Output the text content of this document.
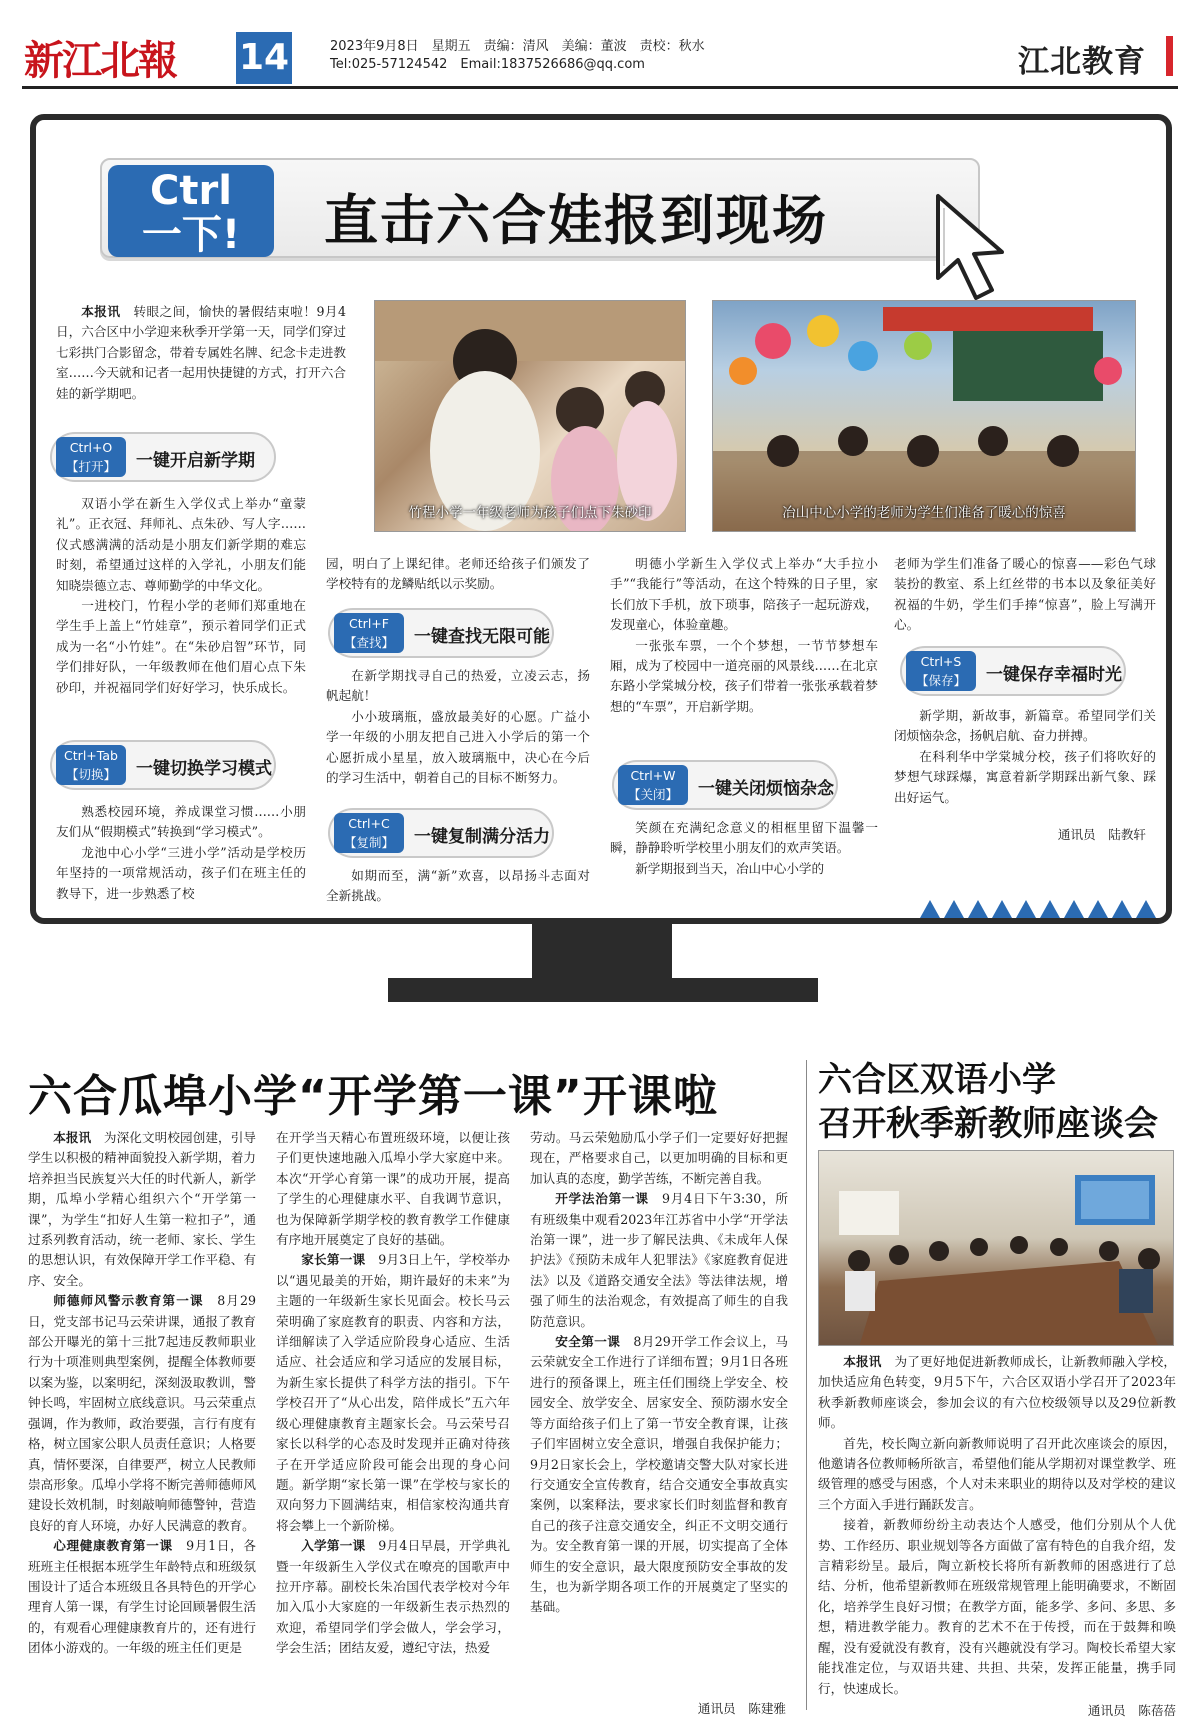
新江北報 14	2023年9月8日　星期五　责编：清风　美编：董波　责校：秋水
Tel:025-57124542　Email:1837526686@qq.com	江北教育
Ctrl
一下!	直击六合娃报到现场

本报讯　 转眼之间，愉快的暑假结束啦！9月4日，六合区中小学迎来秋季开学第一天，同学们穿过七彩拱门合影留念，带着专属姓名牌、纪念卡走进教室……今天就和记者一起用快捷键的方式，打开六合娃的新学期吧。

Ctrl+O
【打开】	一键开启新学期
Ctrl+Tab
【切换】	一键切换学习模式
Ctrl+F
【查找】	一键查找无限可能
Ctrl+C
【复制】	一键复制满分活力
Ctrl+W
【关闭】	一键关闭烦恼杂念
Ctrl+S
【保存】	一键保存幸福时光
竹程小学一年级老师为孩子们点下朱砂印	冶山中心小学的老师为学生们准备了暖心的惊喜

双语小学在新生入学仪式上举办“童蒙礼”。正衣冠、拜师礼、点朱砂、写人字……仪式感满满的活动是小朋友们新学期的难忘时刻，希望通过这样的入学礼，小朋友们能知晓崇德立志、尊师勤学的中华文化。

一进校门，竹程小学的老师们郑重地在学生手上盖上“竹娃章”，预示着同学们正式成为一名“小竹娃”。在“朱砂启智”环节，同学们排好队，一年级教师在他们眉心点下朱砂印，并祝福同学们好好学习，快乐成长。

熟悉校园环境，养成课堂习惯……小朋友们从“假期模式”转换到“学习模式”。

龙池中心小学“三进小学”活动是学校历年坚持的一项常规活动，孩子们在班主任的教导下，进一步熟悉了校

园，明白了上课纪律。老师还给孩子们颁发了学校特有的龙鳞贴纸以示奖励。

在新学期找寻自己的热爱，立凌云志，扬帆起航！

小小玻璃瓶，盛放最美好的心愿。广益小学一年级的小朋友把自己进入小学后的第一个心愿折成小星星，放入玻璃瓶中，决心在今后的学习生活中，朝着自己的目标不断努力。

如期而至，满“新”欢喜，以昂扬斗志面对全新挑战。

明德小学新生入学仪式上举办“大手拉小手”“我能行”等活动，在这个特殊的日子里，家长们放下手机，放下琐事，陪孩子一起玩游戏，发现童心，体验童趣。

一张张车票，一个个梦想，一节节梦想车厢，成为了校园中一道亮丽的风景线……在北京东路小学棠城分校，孩子们带着一张张承载着梦想的“车票”，开启新学期。

笑颜在充满纪念意义的相框里留下温馨一瞬，静静聆听学校里小朋友们的欢声笑语。

新学期报到当天，冶山中心小学的

老师为学生们准备了暖心的惊喜——彩色气球装扮的教室、系上红丝带的书本以及象征美好祝福的牛奶，学生们手捧“惊喜”，脸上写满开心。

新学期，新故事，新篇章。希望同学们关闭烦恼杂念，扬帆启航、奋力拼搏。

在科利华中学棠城分校，孩子们将吹好的梦想气球踩爆，寓意着新学期踩出新气象、踩出好运气。

通讯员　陆教轩
六合瓜埠小学“开学第一课”开课啦

本报讯　 为深化文明校园创建，引导学生以积极的精神面貌投入新学期，着力培养担当民族复兴大任的时代新人，新学期，瓜埠小学精心组织六个“开学第一课”，为学生“扣好人生第一粒扣子”，通过系列教育活动，统一老师、家长、学生的思想认识，有效保障开学工作平稳、有序、安全。

师德师风警示教育第一课　 8月29日，党支部书记马云荣讲课，通报了教育部公开曝光的第十三批7起违反教师职业行为十项准则典型案例，提醒全体教师要以案为鉴，以案明纪，深刻汲取教训，警钟长鸣，牢固树立底线意识。马云荣重点强调，作为教师，政治要强，言行有度有格，树立国家公职人员责任意识；人格要真，情怀要深，自律要严，树立人民教师崇高形象。瓜埠小学将不断完善师德师风建设长效机制，时刻敲响师德警钟，营造良好的育人环境，办好人民满意的教育。

心理健康教育第一课　 9月1日，各班班主任根据本班学生年龄特点和班级氛围设计了适合本班级且各具特色的开学心理育人第一课，有学生讨论回顾暑假生活的，有观看心理健康教育片的，还有进行团体小游戏的。一年级的班主任们更是

在开学当天精心布置班级环境，以便让孩子们更快速地融入瓜埠小学大家庭中来。本次“开学心育第一课”的成功开展，提高了学生的心理健康水平、自我调节意识，也为保障新学期学校的教育教学工作健康有序地开展奠定了良好的基础。

家长第一课　 9月3日上午，学校举办以“遇见最美的开始，期许最好的未来”为主题的一年级新生家长见面会。校长马云荣明确了家庭教育的职责、内容和方法，详细解读了入学适应阶段身心适应、生活适应、社会适应和学习适应的发展目标，为新生家长提供了科学方法的指引。下午学校召开了“从心出发，陪伴成长”五六年级心理健康教育主题家长会。马云荣号召家长以科学的心态及时发现并正确对待孩子在开学适应阶段可能会出现的身心问题。新学期“家长第一课”在学校与家长的双向努力下圆满结束，相信家校沟通共育将会攀上一个新阶梯。

入学第一课　 9月4日早晨，开学典礼暨一年级新生入学仪式在嘹亮的国歌声中拉开序幕。副校长朱冶国代表学校对今年加入瓜小大家庭的一年级新生表示热烈的欢迎，希望同学们学会做人，学会学习，学会生活；团结友爱，遵纪守法，热爱

劳动。马云荣勉励瓜小学子们一定要好好把握现在，严格要求自己，以更加明确的目标和更加认真的态度，勤学苦练，不断完善自我。

开学法治第一课　 9月4日下午3:30，所有班级集中观看2023年江苏省中小学“开学法治第一课”，进一步了解民法典、《未成年人保护法》《预防未成年人犯罪法》《家庭教育促进法》以及《道路交通安全法》等法律法规，增强了师生的法治观念，有效提高了师生的自我防范意识。

安全第一课　 8月29开学工作会议上，马云荣就安全工作进行了详细布置；9月1日各班进行的预备课上，班主任们围绕上学安全、校园安全、放学安全、居家安全、预防溺水安全等方面给孩子们上了第一节安全教育课，让孩子们牢固树立安全意识，增强自我保护能力；9月2日家长会上，学校邀请交警大队对家长进行交通安全宣传教育，结合交通安全事故真实案例，以案释法，要求家长们时刻监督和教育自己的孩子注意交通安全，纠正不文明交通行为。安全教育第一课的开展，切实提高了全体师生的安全意识，最大限度预防安全事故的发生，也为新学期各项工作的开展奠定了坚实的基础。

通讯员　陈建雅
六合区双语小学
召开秋季新教师座谈会

本报讯　 为了更好地促进新教师成长，让新教师融入学校，加快适应角色转变，9月5下午，六合区双语小学召开了2023年秋季新教师座谈会，参加会议的有六位校级领导以及29位新教师。

首先，校长陶立新向新教师说明了召开此次座谈会的原因，他邀请各位教师畅所欲言，希望他们能从学期初对课堂教学、班级管理的感受与困惑，个人对未来职业的期待以及对学校的建议三个方面入手进行踊跃发言。

接着，新教师纷纷主动表达个人感受，他们分别从个人优势、工作经历、职业规划等各方面做了富有特色的自我介绍，发言精彩纷呈。最后，陶立新校长将所有新教师的困惑进行了总结、分析，他希望新教师在班级常规管理上能明确要求，不断固化，培养学生良好习惯；在教学方面，能多学、多问、多思、多想，精进教学能力。教育的艺术不在于传授，而在于鼓舞和唤醒，没有爱就没有教育，没有兴趣就没有学习。陶校长希望大家能找准定位，与双语共建、共担、共荣，发挥正能量，携手同行，快速成长。

通讯员　陈蓓蓓
